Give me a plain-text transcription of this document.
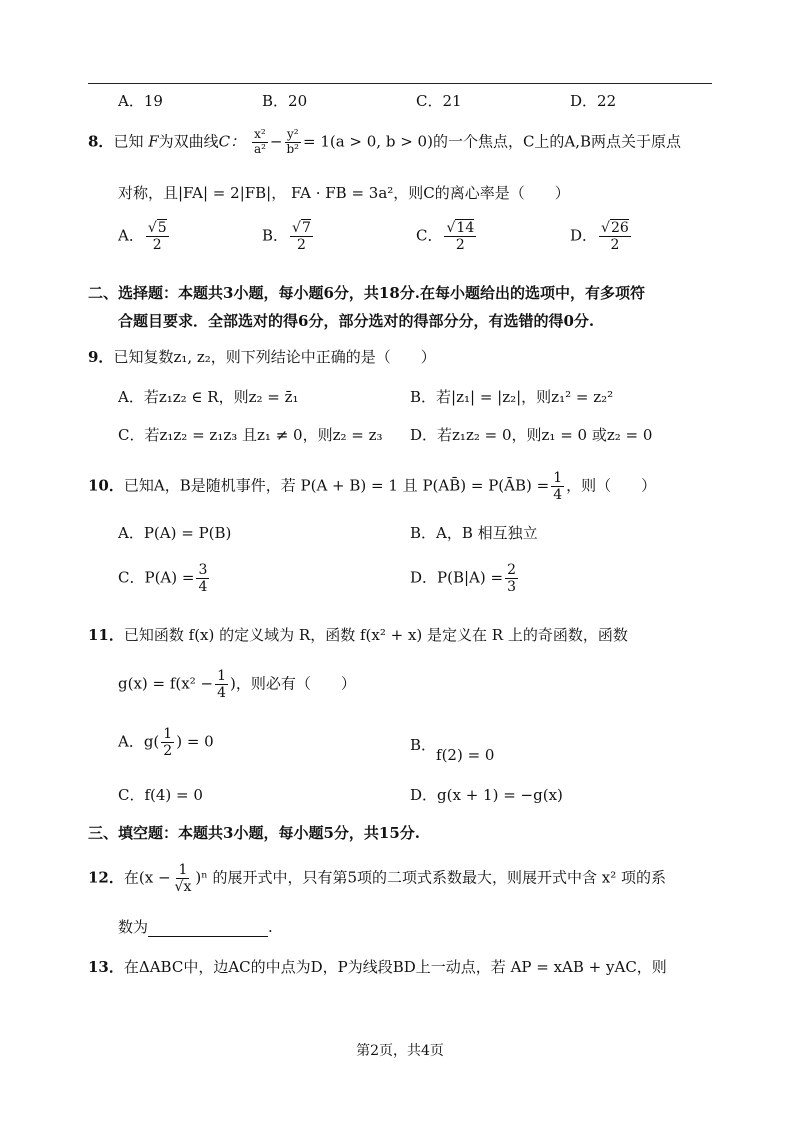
A．19	B．20	C．21	D．22
8．已知 F为双曲线C： $\frac{\text{x²}}{\text{a²}} - \frac{\text{y²}}{\text{b²}} = 1(a > 0$, b > 0)的一个焦点，C上的A,B两点关于原点
对称，且|FA| = 2|FB|， FA · FB = 3a²，则C的离心率是（　　）
A． $\frac{√5}{2}$	B． $\frac{√7}{2}$	C． $\frac{√14}{2}$	D． $\frac{√26}{2}$
二、选择题：本题共3小题，每小题6分，共18分.在每小题给出的选项中，有多项符
合题目要求．全部选对的得6分，部分选对的得部分分，有选错的得0分.
9．已知复数z₁, z₂，则下列结论中正确的是（　　）
A．若z₁z₂ ∈ R，则z₂ = z̄₁	B．若|z₁| = |z₂|，则z₁² = z₂²
C．若z₁z₂ = z₁z₃ 且z₁ ≠ 0，则z₂ = z₃ D．若z₁z₂ = 0，则z₁ = 0 或z₂ = 0
10．已知A，B是随机事件，若 P(A + B) = 1 且 P(AB̄) = P(ĀB) = $\frac{1}{4}$ ，则（　　）
A．P(A) = P(B)	B．A，B 相互独立
C．$P(A) = \frac{3}{4}$	D．$P(B|A) = \frac{2}{3}$
11．已知函数 f(x) 的定义域为 R，函数 f(x² + x) 是定义在 R 上的奇函数，函数
$g(x) = f(x^2 - \frac{1}{4}$ )，则必有（　　）
A．$g( \frac{1}{2}$ ) = 0	B．f(2) = 0
C．f(4) = 0	D．g(x + 1) = −g(x)
三、填空题：本题共3小题，每小题5分，共15分.
12．在$(x - \frac{1}{√x} )^n$ 的展开式中，只有第5项的二项式系数最大，则展开式中含 x² 项的系
数为	.
13．在ΔABC中，边AC的中点为D，P为线段BD上一动点，若 AP = xAB + yAC，则
第2页，共4页
